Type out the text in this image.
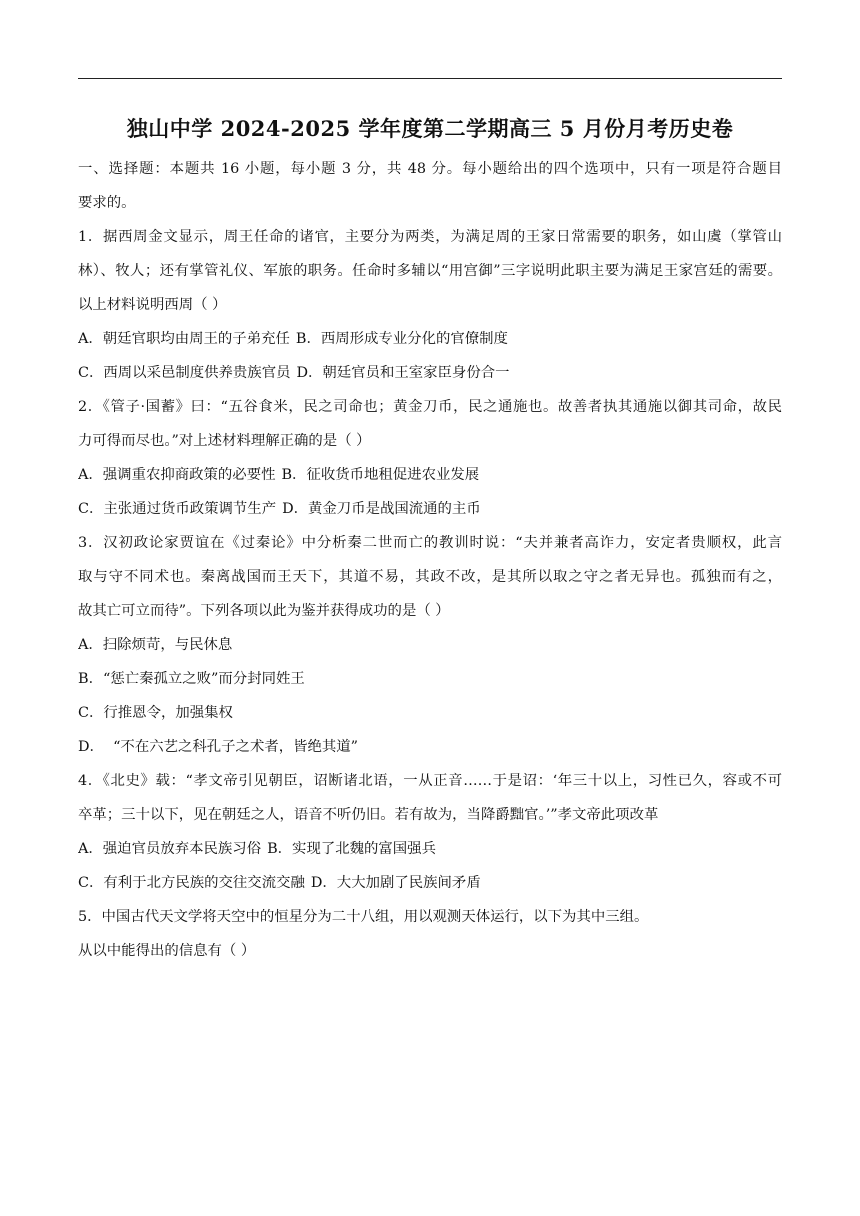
独山中学 2024-2025 学年度第二学期高三 5 月份月考历史卷
一、选择题：本题共 16 小题，每小题 3 分，共 48 分。每小题给出的四个选项中，只有一项是符合题目
要求的。
1．据西周金文显示，周王任命的诸官，主要分为两类，为满足周的王家日常需要的职务，如山虞（掌管山
林）、牧人；还有掌管礼仪、军旅的职务。任命时多辅以“用宫御”三字说明此职主要为满足王家宫廷的需要。
以上材料说明西周（ ）
A．朝廷官职均由周王的子弟充任 B．西周形成专业分化的官僚制度
C．西周以采邑制度供养贵族官员 D．朝廷官员和王室家臣身份合一
2．《管子·国蓄》曰：“五谷食米，民之司命也；黄金刀币，民之通施也。故善者执其通施以御其司命，故民
力可得而尽也。”对上述材料理解正确的是（ ）
A．强调重农抑商政策的必要性 B．征收货币地租促进农业发展
C．主张通过货币政策调节生产 D．黄金刀币是战国流通的主币
3．汉初政论家贾谊在《过秦论》中分析秦二世而亡的教训时说：“夫并兼者高诈力，安定者贵顺权，此言
取与守不同术也。秦离战国而王天下，其道不易，其政不改，是其所以取之守之者无异也。孤独而有之，
故其亡可立而待”。下列各项以此为鉴并获得成功的是（ ）
A．扫除烦苛，与民休息
B．“惩亡秦孤立之败”而分封同姓王
C．行推恩令，加强集权
D．  “不在六艺之科孔子之术者，皆绝其道”
4．《北史》载：“孝文帝引见朝臣，诏断诸北语，一从正音……于是诏：‘年三十以上，习性已久，容或不可
卒革；三十以下，见在朝廷之人，语音不听仍旧。若有故为，当降爵黜官。’”孝文帝此项改革
A．强迫官员放弃本民族习俗 B．实现了北魏的富国强兵
C．有利于北方民族的交往交流交融 D．大大加剧了民族间矛盾
5．中国古代天文学将天空中的恒星分为二十八组，用以观测天体运行，以下为其中三组。
从以中能得出的信息有（ ）
